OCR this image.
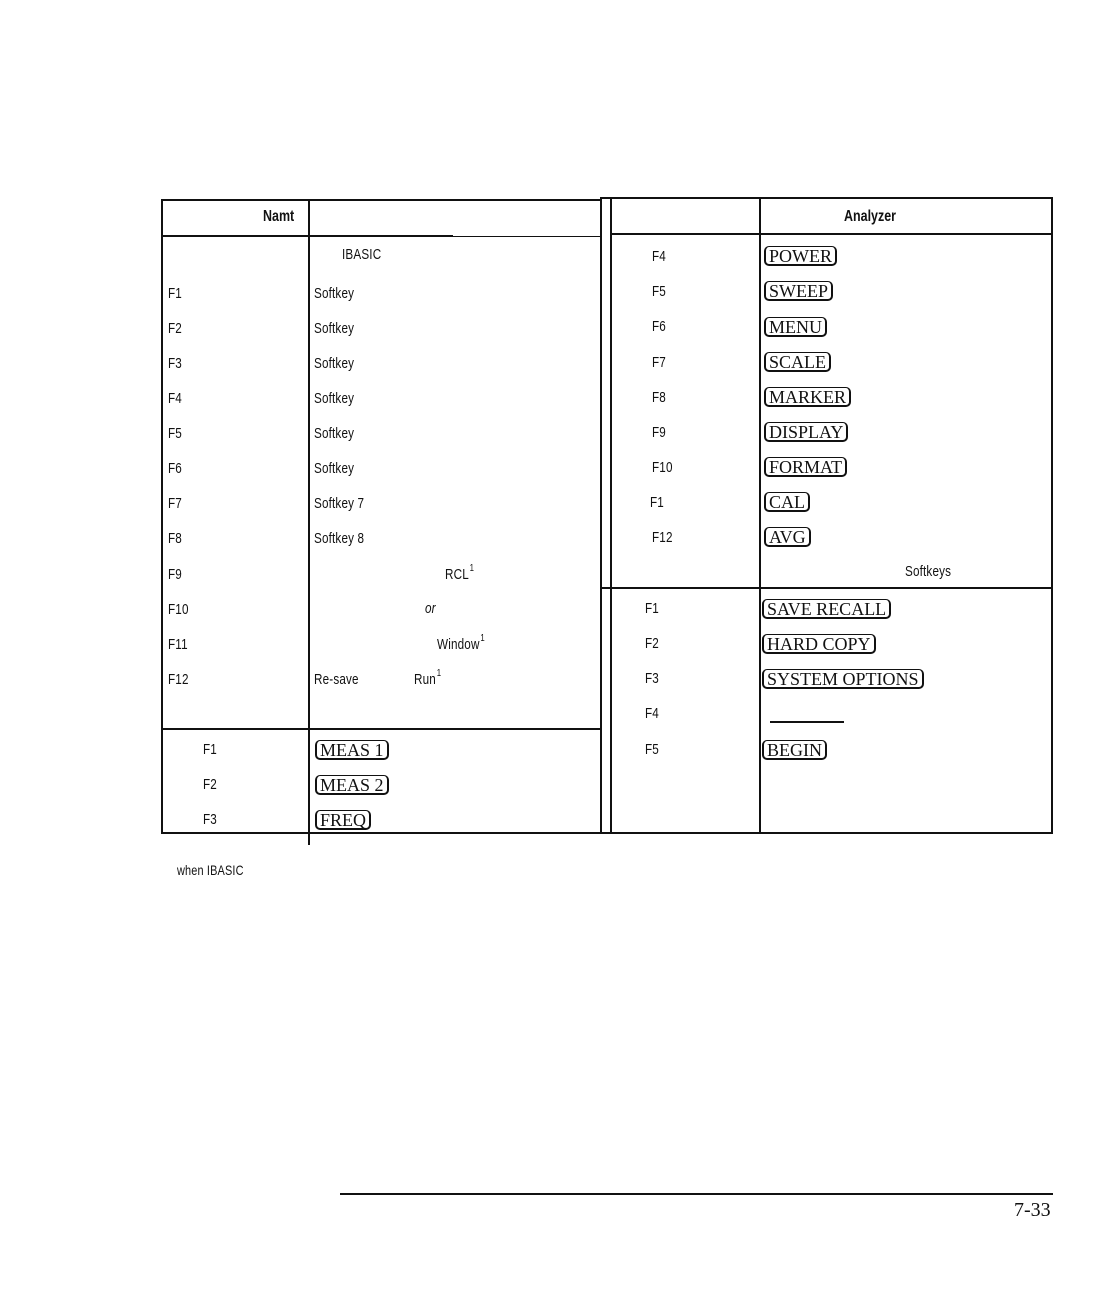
Namt
IBASIC
F1	Softkey
F2	Softkey
F3	Softkey
F4	Softkey
F5	Softkey
F6	Softkey
F7	Softkey 7
F8	Softkey 8
F9	RCL$^1$
F10	or
F11	Window$^1$
F12	Re-save	Run$^1$
F1	MEAS 1
F2	MEAS 2
F3	FREQ
Analyzer
F4	POWER
F5	SWEEP
F6	MENU
F7	SCALE
F8	MARKER
F9	DISPLAY
F10	FORMAT
F1	CAL
F12	AVG
Softkeys
F1	SAVE RECALL
F2	HARD COPY
F3	SYSTEM OPTIONS
F4
F5	BEGIN
when IBASIC
7-33
